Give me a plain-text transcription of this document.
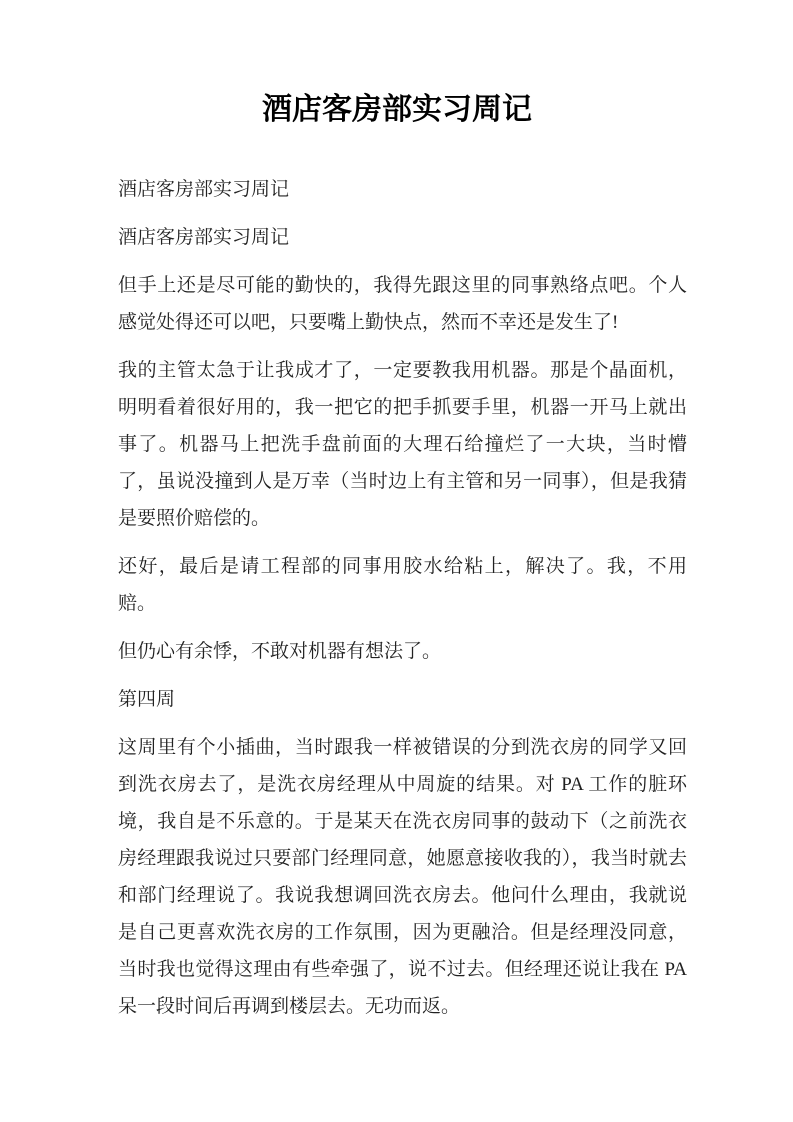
酒店客房部实习周记

酒店客房部实习周记

酒店客房部实习周记

但手上还是尽可能的勤快的，我得先跟这里的同事熟络点吧。个人感觉处得还可以吧，只要嘴上勤快点，然而不幸还是发生了!

我的主管太急于让我成才了，一定要教我用机器。那是个晶面机，明明看着很好用的，我一把它的把手抓要手里，机器一开马上就出事了。机器马上把洗手盘前面的大理石给撞烂了一大块，当时懵了，虽说没撞到人是万幸（当时边上有主管和另一同事），但是我猜是要照价赔偿的。

还好，最后是请工程部的同事用胶水给粘上，解决了。我，不用赔。

但仍心有余悸，不敢对机器有想法了。

第四周

这周里有个小插曲，当时跟我一样被错误的分到洗衣房的同学又回到洗衣房去了，是洗衣房经理从中周旋的结果。对 PA 工作的脏环境，我自是不乐意的。于是某天在洗衣房同事的鼓动下（之前洗衣房经理跟我说过只要部门经理同意，她愿意接收我的），我当时就去和部门经理说了。我说我想调回洗衣房去。他问什么理由，我就说是自己更喜欢洗衣房的工作氛围，因为更融洽。但是经理没同意，当时我也觉得这理由有些牵强了，说不过去。但经理还说让我在 PA 呆一段时间后再调到楼层去。无功而返。
